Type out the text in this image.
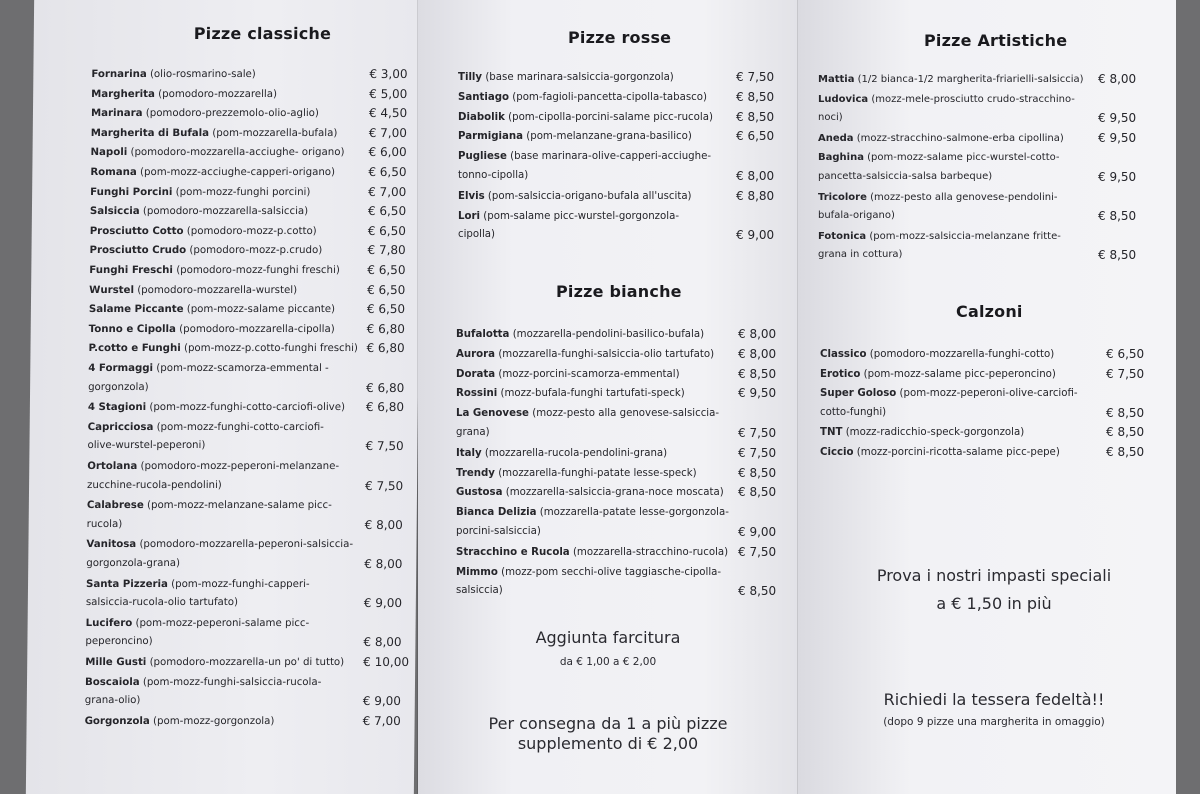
Pizze classiche
Fornarina (olio-rosmarino-sale)	€ 3,00
Margherita (pomodoro-mozzarella)	€ 5,00
Marinara (pomodoro-prezzemolo-olio-aglio)	€ 4,50
Margherita di Bufala (pom-mozzarella-bufala)	€ 7,00
Napoli (pomodoro-mozzarella-acciughe- origano) € 6,00
Romana (pom-mozz-acciughe-capperi-origano)	€ 6,50
Funghi Porcini (pom-mozz-funghi porcini)	€ 7,00
Salsiccia (pomodoro-mozzarella-salsiccia)	€ 6,50
Prosciutto Cotto (pomodoro-mozz-p.cotto)	€ 6,50
Prosciutto Crudo (pomodoro-mozz-p.crudo)	€ 7,80
Funghi Freschi (pomodoro-mozz-funghi freschi) € 6,50
Wurstel (pomodoro-mozzarella-wurstel)	€ 6,50
Salame Piccante (pom-mozz-salame piccante)	€ 6,50
Tonno e Cipolla (pomodoro-mozzarella-cipolla)	€ 6,80
P.cotto e Funghi (pom-mozz-p.cotto-funghi freschi) € 6,80
4 Formaggi (pom-mozz-scamorza-emmental -
gorgonzola)	€ 6,80
4 Stagioni (pom-mozz-funghi-cotto-carciofi-olive) € 6,80
Capricciosa (pom-mozz-funghi-cotto-carciofi-
olive-wurstel-peperoni)	€ 7,50
Ortolana (pomodoro-mozz-peperoni-melanzane-
zucchine-rucola-pendolini)	€ 7,50
Calabrese (pom-mozz-melanzane-salame picc-
rucola)	€ 8,00
Vanitosa (pomodoro-mozzarella-peperoni-salsiccia-
gorgonzola-grana)	€ 8,00
Santa Pizzeria (pom-mozz-funghi-capperi-
salsiccia-rucola-olio tartufato)	€ 9,00
Lucifero (pom-mozz-peperoni-salame picc-
peperoncino)	€ 8,00
Mille Gusti (pomodoro-mozzarella-un po' di tutto) € 10,00
Boscaiola (pom-mozz-funghi-salsiccia-rucola-
grana-olio)	€ 9,00
Gorgonzola (pom-mozz-gorgonzola)	€ 7,00
Pizze rosse
Tilly (base marinara-salsiccia-gorgonzola)	€ 7,50
Santiago (pom-fagioli-pancetta-cipolla-tabasco) € 8,50
Diabolik (pom-cipolla-porcini-salame picc-rucola) € 8,50
Parmigiana (pom-melanzane-grana-basilico)	€ 6,50
Pugliese (base marinara-olive-capperi-acciughe-
tonno-cipolla)	€ 8,00
Elvis (pom-salsiccia-origano-bufala all'uscita)	€ 8,80
Lori (pom-salame picc-wurstel-gorgonzola-
cipolla)	€ 9,00
Pizze bianche
Bufalotta (mozzarella-pendolini-basilico-bufala)	€ 8,00
Aurora (mozzarella-funghi-salsiccia-olio tartufato) € 8,00
Dorata (mozz-porcini-scamorza-emmental)	€ 8,50
Rossini (mozz-bufala-funghi tartufati-speck)	€ 9,50
La Genovese (mozz-pesto alla genovese-salsiccia-
grana)	€ 7,50
Italy (mozzarella-rucola-pendolini-grana)	€ 7,50
Trendy (mozzarella-funghi-patate lesse-speck)	€ 8,50
Gustosa (mozzarella-salsiccia-grana-noce moscata) € 8,50
Bianca Delizia (mozzarella-patate lesse-gorgonzola-
porcini-salsiccia)	€ 9,00
Stracchino e Rucola (mozzarella-stracchino-rucola) € 7,50
Mimmo (mozz-pom secchi-olive taggiasche-cipolla-
salsiccia)	€ 8,50
Aggiunta farcitura
da € 1,00 a € 2,00
Per consegna da 1 a più pizze
supplemento di € 2,00
Pizze Artistiche
Mattia (1/2 bianca-1/2 margherita-friarielli-salsiccia) € 8,00
Ludovica (mozz-mele-prosciutto crudo-stracchino-
noci)	€ 9,50
Aneda (mozz-stracchino-salmone-erba cipollina)	€ 9,50
Baghina (pom-mozz-salame picc-wurstel-cotto-
pancetta-salsiccia-salsa barbeque)	€ 9,50
Tricolore (mozz-pesto alla genovese-pendolini-
bufala-origano)	€ 8,50
Fotonica (pom-mozz-salsiccia-melanzane fritte-
grana in cottura)	€ 8,50
Calzoni
Classico (pomodoro-mozzarella-funghi-cotto)	€ 6,50
Erotico (pom-mozz-salame picc-peperoncino)	€ 7,50
Super Goloso (pom-mozz-peperoni-olive-carciofi-
cotto-funghi)	€ 8,50
TNT (mozz-radicchio-speck-gorgonzola)	€ 8,50
Ciccio (mozz-porcini-ricotta-salame picc-pepe)	€ 8,50
Prova i nostri impasti speciali
a € 1,50 in più
Richiedi la tessera fedeltà!!
(dopo 9 pizze una margherita in omaggio)
